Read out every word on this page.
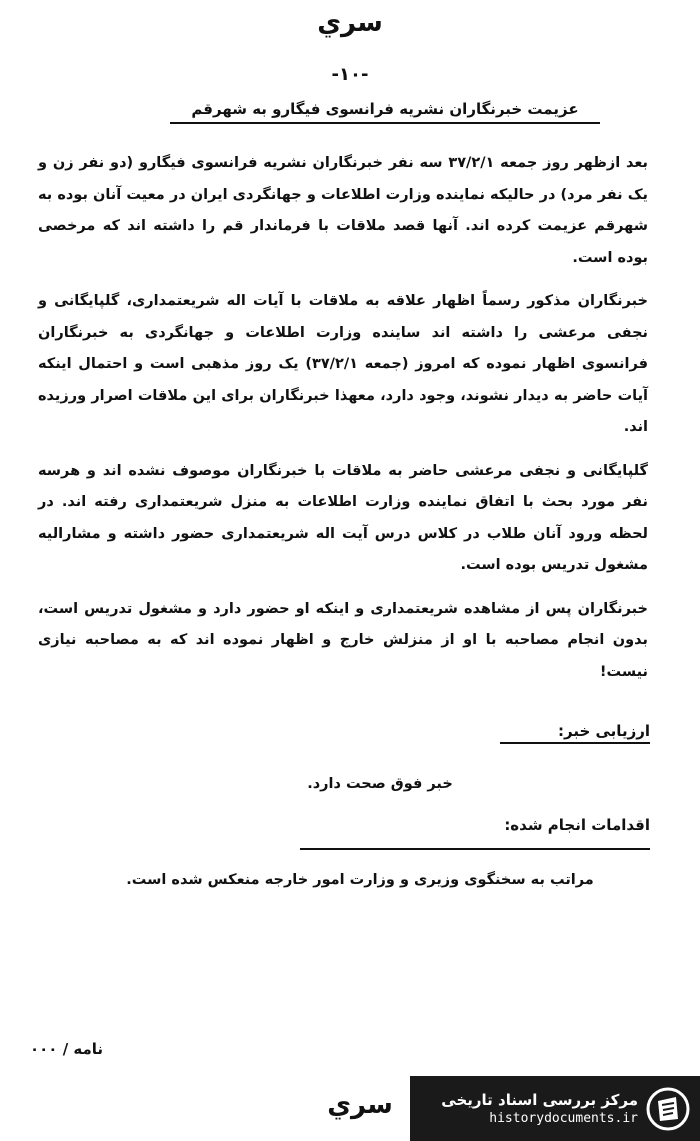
سري
-۱۰-
عزیمت خبرنگاران نشریه فرانسوی فیگارو به شهرقم

بعد ازظهر روز جمعه ۳۷/۲/۱ سه نفر خبرنگاران نشریه فرانسوی فیگارو (دو نفر زن و یک نفر مرد) در حالیکه نماینده وزارت اطلاعات و جهانگردی ایران در معیت آنان بوده به شهرقم عزیمت کرده اند. آنها قصد ملاقات با فرماندار قم را داشته اند که مرخصی بوده است.

خبرنگاران مذکور رسماً اظهار علاقه به ملاقات با آیات اله شریعتمداری، گلپایگانی و نجفی مرعشی را داشته اند ساینده وزارت اطلاعات و جهانگردی به خبرنگاران فرانسوی اظهار نموده که امروز (جمعه ۳۷/۲/۱) یک روز مذهبی است و احتمال اینکه آیات حاضر به دیدار نشوند، وجود دارد، معهذا خبرنگاران برای این ملاقات اصرار ورزیده اند.

گلپایگانی و نجفی مرعشی حاضر به ملاقات با خبرنگاران موصوف نشده اند و هرسه نفر مورد بحث با اتفاق نماینده وزارت اطلاعات به منزل شریعتمداری رفته اند. در لحظه ورود آنان طلاب در کلاس درس آیت اله شریعتمداری حضور داشته و مشارالیه مشغول تدریس بوده است.

خبرنگاران پس از مشاهده شریعتمداری و اینکه او حضور دارد و مشغول تدریس است، بدون انجام مصاحبه با او از منزلش خارج و اظهار نموده اند که به مصاحبه نیازی نیست!

ارزیابی خبر:
خبر فوق صحت دارد.
اقدامات انجام شده:
مراتب به سخنگوی وزیری و وزارت امور خارجه منعکس شده است.
نامه / ۰۰۰
سري	مرکز بررسی اسناد تاریخی
historydocuments.ir
